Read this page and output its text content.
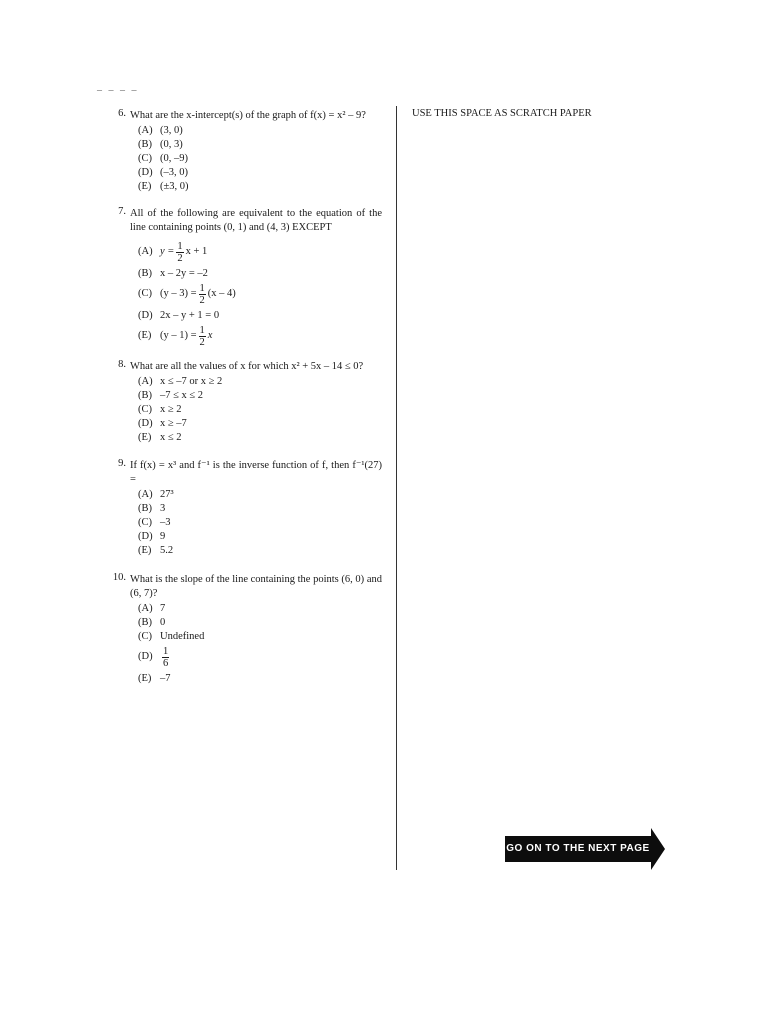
– – – –
USE THIS SPACE AS SCRATCH PAPER
6. What are the x-intercept(s) of the graph of f(x) = x² – 9?
(A) (3, 0)
(B) (0, 3)
(C) (0, –9)
(D) (–3, 0)
(E) (±3, 0)
7. All of the following are equivalent to the equation of the line containing points (0, 1) and (4, 3) EXCEPT
(A) $y = \frac{1}{2}$ x + 1
(B) x – 2y = –2
(C) $(y - 3) = \frac{1}{2} (x - 4)$
(D) 2x – y + 1 = 0
(E) $(y - 1) = \frac{1}{2}$ x
8. What are all the values of x for which x² + 5x – 14 ≤ 0?
(A) x ≤ –7 or x ≥ 2
(B) –7 ≤ x ≤ 2
(C) x ≥ 2
(D) x ≥ –7
(E) x ≤ 2
9. If f(x) = x³ and f⁻¹ is the inverse function of f, then f⁻¹(27) =
(A) 27³
(B) 3
(C) –3
(D) 9
(E) 5.2
10. What is the slope of the line containing the points (6, 0) and (6, 7)?
(A) 7
(B) 0
(C) Undefined
$(D) \frac{1}{6}$
(E) –7
GO ON TO THE NEXT PAGE
